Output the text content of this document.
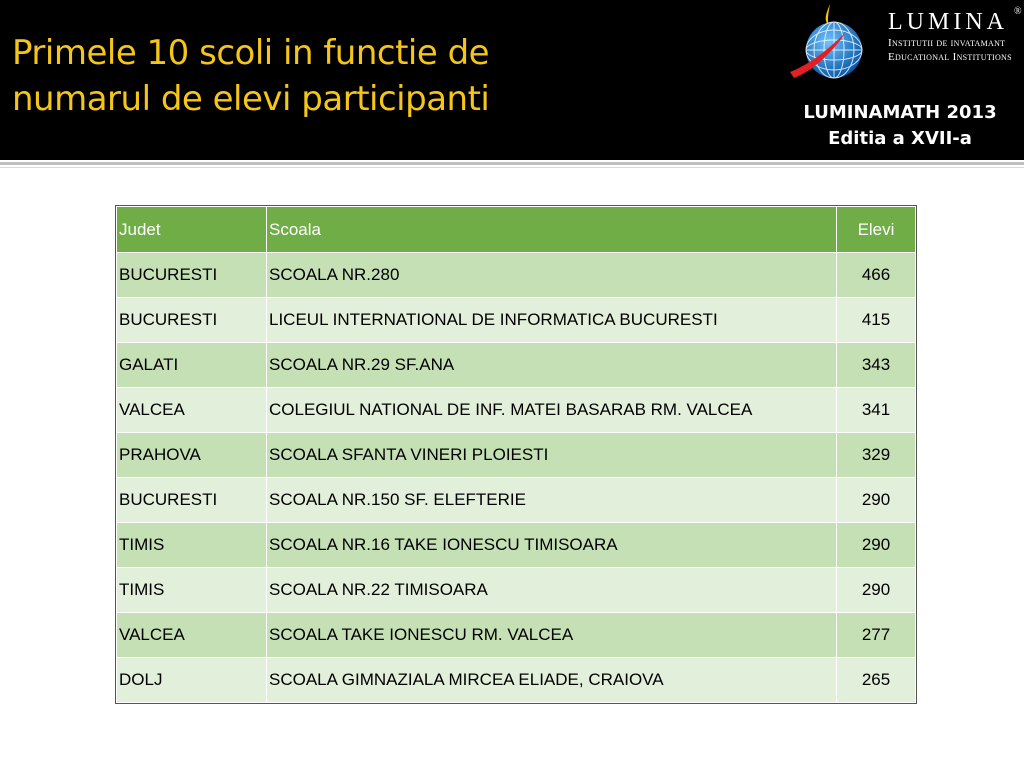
Primele 10 scoli in functie de
numarul de elevi participanti
LUMINA ®
Institutii de invatamant
Educational Institutions
LUMINAMATH 2013
Editia a XVII-a
Judet	Scoala	Elevi
BUCURESTI	SCOALA NR.280	466
BUCURESTI	LICEUL INTERNATIONAL DE INFORMATICA BUCURESTI	415
GALATI	SCOALA NR.29 SF.ANA	343
VALCEA	COLEGIUL NATIONAL DE INF. MATEI BASARAB RM. VALCEA	341
PRAHOVA	SCOALA SFANTA VINERI PLOIESTI	329
BUCURESTI	SCOALA NR.150 SF. ELEFTERIE	290
TIMIS	SCOALA NR.16 TAKE IONESCU TIMISOARA	290
TIMIS	SCOALA NR.22 TIMISOARA	290
VALCEA	SCOALA TAKE IONESCU RM. VALCEA	277
DOLJ	SCOALA GIMNAZIALA MIRCEA ELIADE, CRAIOVA	265
